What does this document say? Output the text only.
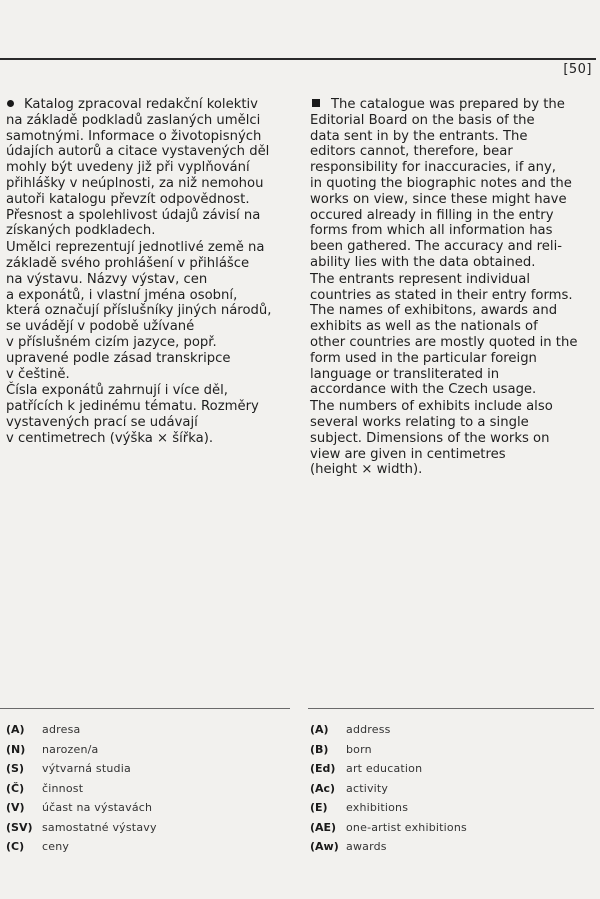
[50]

Katalog zpracoval redakční kolektiv
na základě podkladů zaslaných umělci
samotnými. Informace o životopisných
údajích autorů a citace vystavených děl
mohly být uvedeny již při vyplňování
přihlášky v neúplnosti, za niž nemohou
autoři katalogu převzít odpovědnost.
Přesnost a spolehlivost údajů závisí na
získaných podkladech.

Umělci reprezentují jednotlivé země na
základě svého prohlášení v přihlášce
na výstavu. Názvy výstav, cen
a exponátů, i vlastní jména osobní,
která označují příslušníky jiných národů,
se uvádějí v podobě užívané
v příslušném cizím jazyce, popř.
upravené podle zásad transkripce
v češtině.

Čísla exponátů zahrnují i více děl,
patřících k jedinému tématu. Rozměry
vystavených prací se udávají
v centimetrech (výška × šířka).

The catalogue was prepared by the
Editorial Board on the basis of the
data sent in by the entrants. The
editors cannot, therefore, bear
responsibility for inaccuracies, if any,
in quoting the biographic notes and the
works on view, since these might have
occured already in filling in the entry
forms from which all information has
been gathered. The accuracy and reli-
ability lies with the data obtained.

The entrants represent individual
countries as stated in their entry forms.
The names of exhibitons, awards and
exhibits as well as the nationals of
other countries are mostly quoted in the
form used in the particular foreign
language or transliterated in
accordance with the Czech usage.

The numbers of exhibits include also
several works relating to a single
subject. Dimensions of the works on
view are given in centimetres
(height × width).

(A) adresa
(N) narozen/a
(S) výtvarná studia
(Č) činnost
(V) účast na výstavách
(SV) samostatné výstavy
(C) ceny
(A) address
(B) born
(Ed) art education
(Ac) activity
(E) exhibitions
(AE) one-artist exhibitions
(Aw) awards
